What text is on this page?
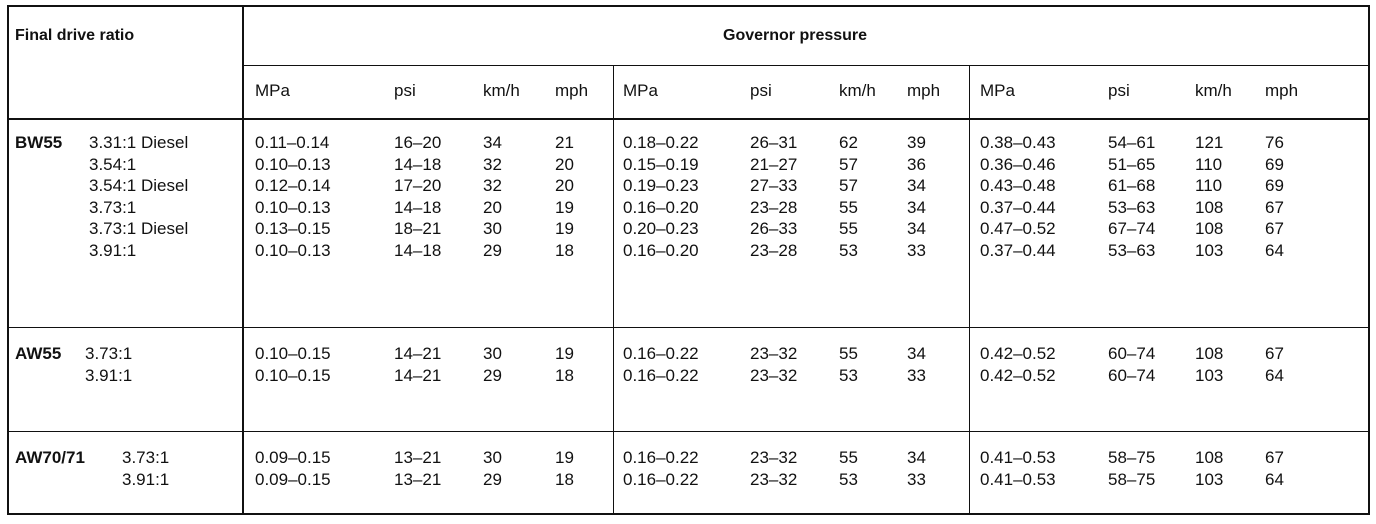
Final drive ratio	Governor pressure
MPa	psi	km/h mph MPa	psi	km/h mph MPa	psi	km/h mph
BW55 3.31:1 Diesel	0.11–0.14	16–20 34	21	0.18–0.22	26–31 62	39	0.38–0.43	54–61 121 76
3.54:1	0.10–0.13	14–18 32	20	0.15–0.19	21–27 57	36	0.36–0.46	51–65 110	69
3.54:1 Diesel	0.12–0.14	17–20 32	20	0.19–0.23	27–33 57	34	0.43–0.48	61–68 110	69
3.73:1	0.10–0.13	14–18 20	19	0.16–0.20	23–28 55	34	0.37–0.44	53–63 108 67
3.73:1 Diesel	0.13–0.15	18–21 30	19	0.20–0.23	26–33 55	34	0.47–0.52	67–74 108 67
3.91:1	0.10–0.13	14–18 29	18	0.16–0.20	23–28 53	33	0.37–0.44	53–63 103 64
AW55 3.73:1	0.10–0.15	14–21 30	19	0.16–0.22	23–32 55	34	0.42–0.52	60–74 108 67
3.91:1	0.10–0.15	14–21 29	18	0.16–0.22	23–32 53	33	0.42–0.52	60–74 103 64
AW70/71 3.73:1	0.09–0.15	13–21 30	19	0.16–0.22	23–32 55	34	0.41–0.53	58–75 108 67
3.91:1	0.09–0.15	13–21 29	18	0.16–0.22	23–32 53	33	0.41–0.53	58–75 103 64
